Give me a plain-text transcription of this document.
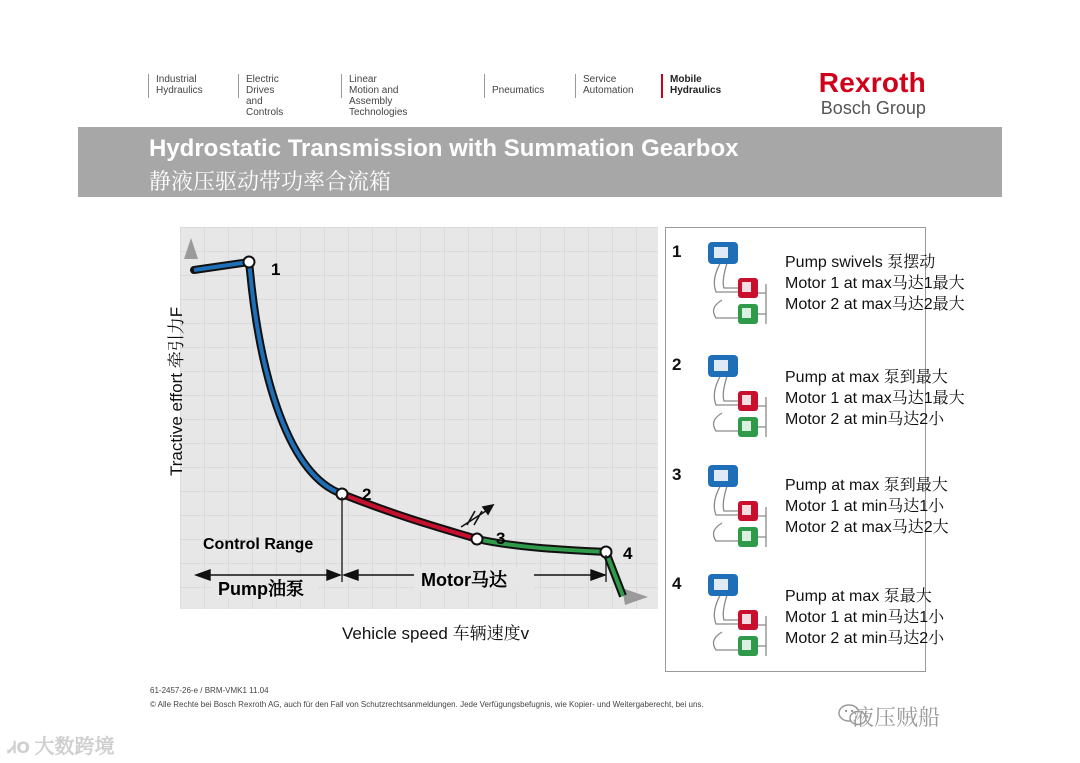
Industrial
Hydraulics
Electric Drives
and Controls
Linear Motion and
Assembly Technologies

Pneumatics
Service
Automation
Mobile
Hydraulics	Rexroth
Bosch Group
Hydrostatic Transmission with Summation Gearbox
静液压驱动带功率合流箱
1
2
3
4
Control Range
Pump油泵	Motor马达
Tractive effort 牵引力F
Vehicle speed 车辆速度v
1
Pump swivels 泵摆动
Motor 1 at max马达1最大
Motor 2 at max马达2最大
2
Pump at max 泵到最大
Motor 1 at max马达1最大
Motor 2 at min马达2小
3
Pump at max 泵到最大
Motor 1 at min马达1小
Motor 2 at max马达2大
4
Pump at max 泵最大
Motor 1 at min马达1小
Motor 2 at min马达2小
61-2457-26-e / BRM-VMK1 11.04
© Alle Rechte bei Bosch Rexroth AG, auch für den Fall von Schutzrechtsanmeldungen. Jede Verfügungsbefugnis, wie Kopier- und Weitergaberecht, bei uns.
ᏗՕ 大数跨境
液压贼船
